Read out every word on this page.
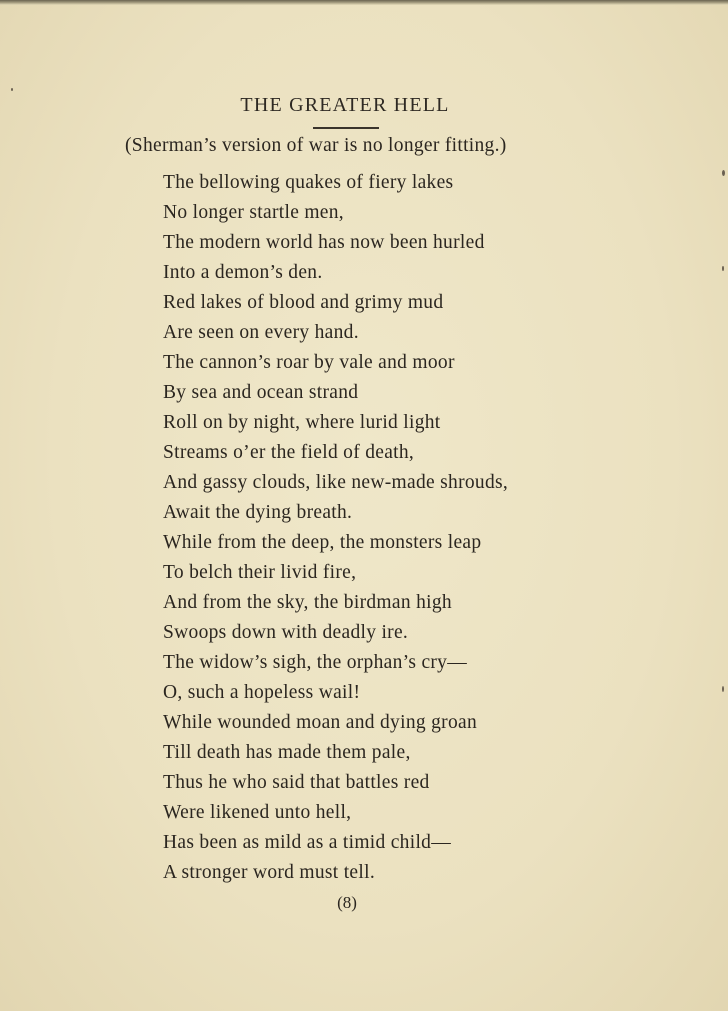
THE GREATER HELL
(Sherman’s version of war is no longer fitting.)
The bellowing quakes of fiery lakes
No longer startle men,
The modern world has now been hurled
Into a demon’s den.
Red lakes of blood and grimy mud
Are seen on every hand.
The cannon’s roar by vale and moor
By sea and ocean strand
Roll on by night, where lurid light
Streams o’er the field of death,
And gassy clouds, like new-made shrouds,
Await the dying breath.
While from the deep, the monsters leap
To belch their livid fire,
And from the sky, the birdman high
Swoops down with deadly ire.
The widow’s sigh, the orphan’s cry—
O, such a hopeless wail!
While wounded moan and dying groan
Till death has made them pale,
Thus he who said that battles red
Were likened unto hell,
Has been as mild as a timid child—
A stronger word must tell.
(8)
